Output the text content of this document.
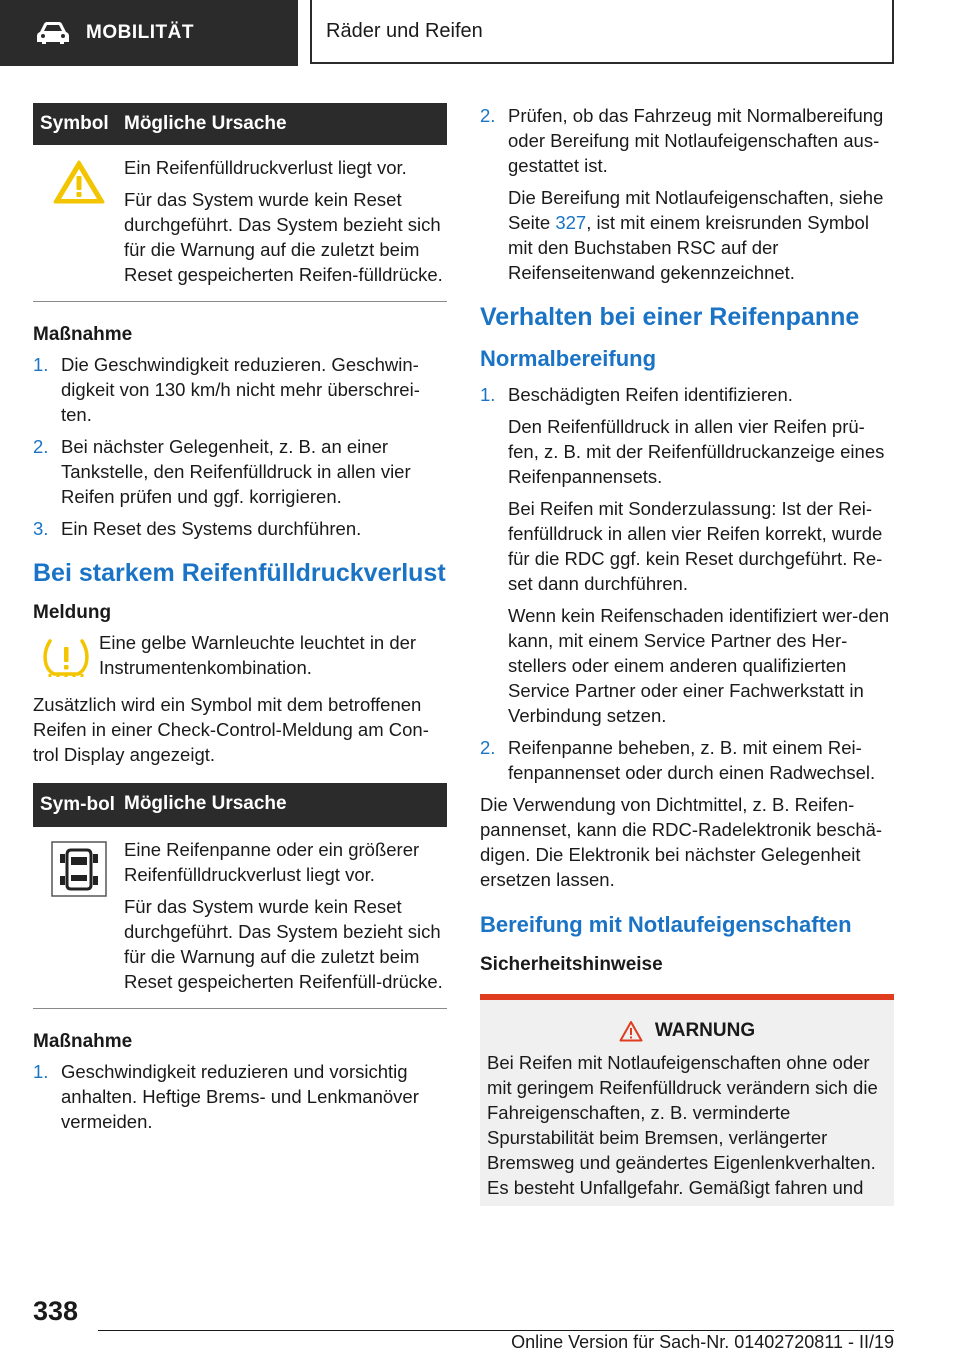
MOBILITÄT	Räder und Reifen
Symbol Mögliche Ursache

Ein Reifenfülldruckverlust liegt vor.

Für das System wurde kein Reset durchgeführt. Das System bezieht sich für die Warnung auf die zuletzt beim Reset gespeicherten Reifen-fülldrücke.

Maßnahme
1. Die Geschwindigkeit reduzieren. Geschwin-digkeit von 130 km/h nicht mehr überschrei-ten.
2. Bei nächster Gelegenheit, z. B. an einer Tankstelle, den Reifenfülldruck in allen vier Reifen prüfen und ggf. korrigieren.
3. Ein Reset des Systems durchführen.
Bei starkem Reifenfülldruckverlust
Meldung
Eine gelbe Warnleuchte leuchtet in der Instrumentenkombination.

Zusätzlich wird ein Symbol mit dem betroffenen Reifen in einer Check-Control-Meldung am Con-trol Display angezeigt.

Sym-bol Mögliche Ursache

Eine Reifenpanne oder ein größerer Reifenfülldruckverlust liegt vor.

Für das System wurde kein Reset durchgeführt. Das System bezieht sich für die Warnung auf die zuletzt beim Reset gespeicherten Reifenfüll-drücke.

Maßnahme
1. Geschwindigkeit reduzieren und vorsichtig anhalten. Heftige Brems- und Lenkmanöver vermeiden.
2. Prüfen, ob das Fahrzeug mit Normalbereifung oder Bereifung mit Notlaufeigenschaften aus-gestattet ist.

Die Bereifung mit Notlaufeigenschaften, siehe Seite 327, ist mit einem kreisrunden Symbol mit den Buchstaben RSC auf der Reifenseitenwand gekennzeichnet.

Verhalten bei einer Reifenpanne
Normalbereifung
1. Beschädigten Reifen identifizieren.

Den Reifenfülldruck in allen vier Reifen prü-fen, z. B. mit der Reifenfülldruckanzeige eines Reifenpannensets.

Bei Reifen mit Sonderzulassung: Ist der Rei-fenfülldruck in allen vier Reifen korrekt, wurde für die RDC ggf. kein Reset durchgeführt. Re-set dann durchführen.

Wenn kein Reifenschaden identifiziert wer-den kann, mit einem Service Partner des Her-stellers oder einem anderen qualifizierten Service Partner oder einer Fachwerkstatt in Verbindung setzen.

2. Reifenpanne beheben, z. B. mit einem Rei-fenpannenset oder durch einen Radwechsel.

Die Verwendung von Dichtmittel, z. B. Reifen-pannenset, kann die RDC-Radelektronik beschä-digen. Die Elektronik bei nächster Gelegenheit ersetzen lassen.

Bereifung mit Notlaufeigenschaften
Sicherheitshinweise
WARNUNG

Bei Reifen mit Notlaufeigenschaften ohne oder mit geringem Reifenfülldruck verändern sich die Fahreigenschaften, z. B. verminderte Spurstabilität beim Bremsen, verlängerter Bremsweg und geändertes Eigenlenkverhalten. Es besteht Unfallgefahr. Gemäßigt fahren und

338
Online Version für Sach-Nr. 01402720811 - II/19
